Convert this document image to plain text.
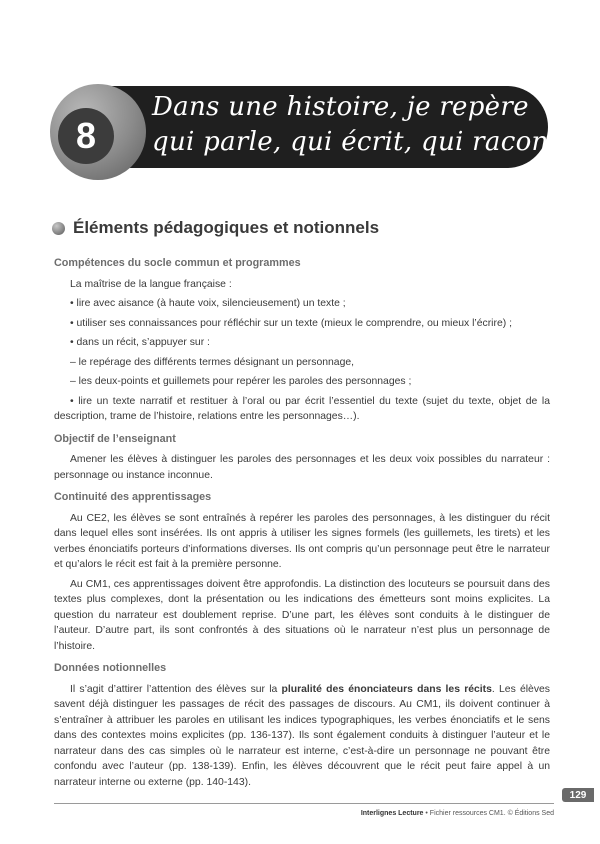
8
Dans une histoire, je repère
qui parle, qui écrit, qui raconte
Éléments pédagogiques et notionnels
Compétences du socle commun et programmes
La maîtrise de la langue française :
• lire avec aisance (à haute voix, silencieusement) un texte ;
• utiliser ses connaissances pour réfléchir sur un texte (mieux le comprendre, ou mieux l’écrire) ;
• dans un récit, s’appuyer sur :
– le repérage des différents termes désignant un personnage,
– les deux-points et guillemets pour repérer les paroles des personnages ;
• lire un texte narratif et restituer à l’oral ou par écrit l’essentiel du texte (sujet du texte, objet de la description, trame de l’histoire, relations entre les personnages…).
Objectif de l’enseignant
Amener les élèves à distinguer les paroles des personnages et les deux voix possibles du narrateur : personnage ou instance inconnue.
Continuité des apprentissages
Au CE2, les élèves se sont entraînés à repérer les paroles des personnages, à les distinguer du récit dans lequel elles sont insérées. Ils ont appris à utiliser les signes formels (les guillemets, les tirets) et les verbes énonciatifs porteurs d’informations diverses. Ils ont compris qu’un personnage peut être le narrateur et qu’alors le récit est fait à la première personne.
Au CM1, ces apprentissages doivent être approfondis. La distinction des locuteurs se poursuit dans des textes plus complexes, dont la présentation ou les indications des émetteurs sont moins explicites. La question du narrateur est doublement reprise. D’une part, les élèves sont conduits à le distinguer de l’auteur. D’autre part, ils sont confrontés à des situations où le narrateur n’est plus un personnage de l’histoire.
Données notionnelles
Il s’agit d’attirer l’attention des élèves sur la pluralité des énonciateurs dans les récits. Les élèves savent déjà distinguer les passages de récit des passages de discours. Au CM1, ils doivent continuer à s’entraîner à attribuer les paroles en utilisant les indices typographiques, les verbes énonciatifs et le sens dans des contextes moins explicites (pp. 136-137). Ils sont également conduits à distinguer l’auteur et le narrateur dans des cas simples où le narrateur est interne, c’est-à-dire un personnage ne pouvant être confondu avec l’auteur (pp. 138-139). Enfin, les élèves découvrent que le récit peut faire appel à un narrateur interne ou externe (pp. 140-143).
129
Interlignes Lecture • Fichier ressources CM1. © Éditions Sed
